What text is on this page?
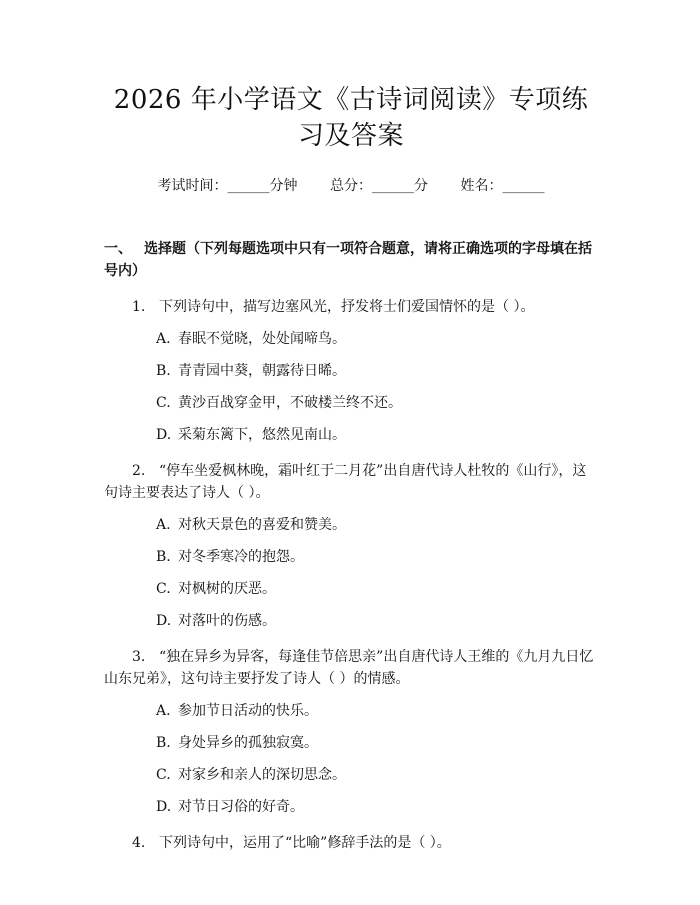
2026 年小学语文《古诗词阅读》专项练习及答案
考试时间：______分钟 总分：______分 姓名：______
一、 选择题（下列每题选项中只有一项符合题意，请将正确选项的字母填在括号内）
1. 下列诗句中，描写边塞风光，抒发将士们爱国情怀的是（ ）。
A. 春眠不觉晓，处处闻啼鸟。
B. 青青园中葵，朝露待日晞。
C. 黄沙百战穿金甲，不破楼兰终不还。
D. 采菊东篱下，悠然见南山。
2. “停车坐爱枫林晚，霜叶红于二月花”出自唐代诗人杜牧的《山行》，这句诗主要表达了诗人（ ）。
A. 对秋天景色的喜爱和赞美。
B. 对冬季寒冷的抱怨。
C. 对枫树的厌恶。
D. 对落叶的伤感。
3. “独在异乡为异客，每逢佳节倍思亲”出自唐代诗人王维的《九月九日忆山东兄弟》，这句诗主要抒发了诗人（ ）的情感。
A. 参加节日活动的快乐。
B. 身处异乡的孤独寂寞。
C. 对家乡和亲人的深切思念。
D. 对节日习俗的好奇。
4. 下列诗句中，运用了“比喻”修辞手法的是（ ）。
